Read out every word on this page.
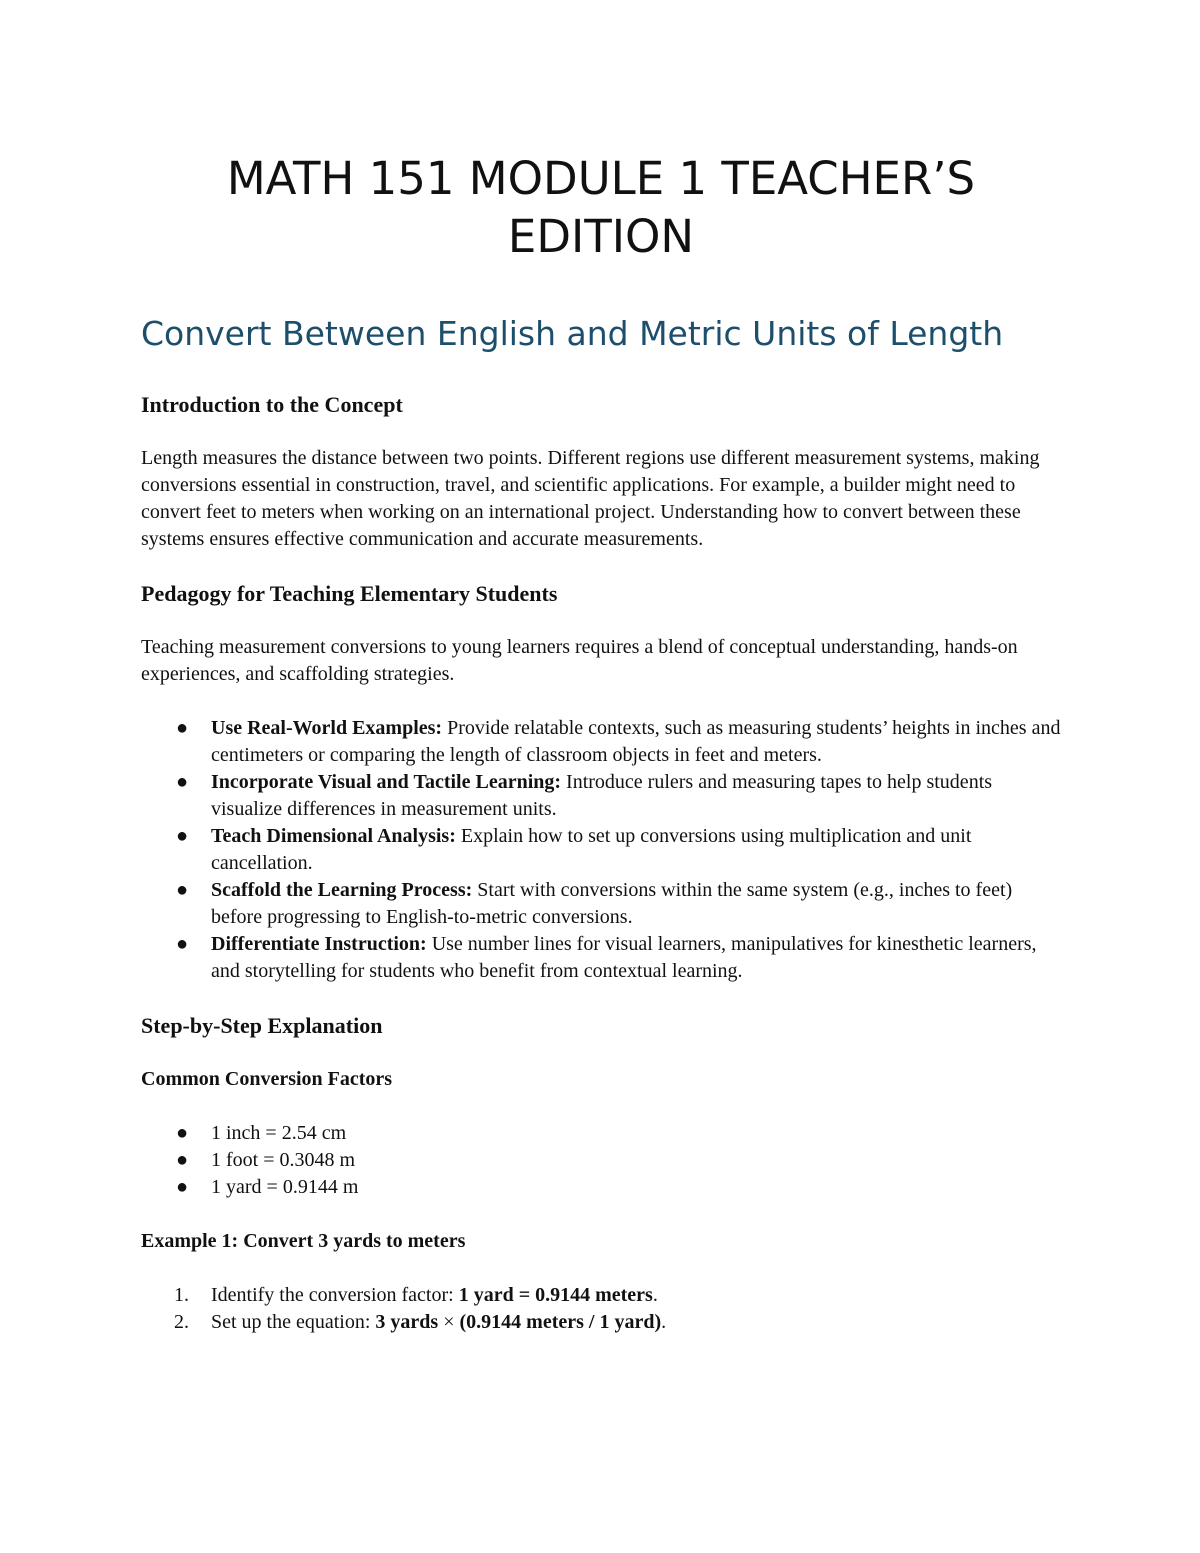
MATH 151 MODULE 1 TEACHER’S EDITION
Convert Between English and Metric Units of Length
Introduction to the Concept

Length measures the distance between two points. Different regions use different measurement systems, making conversions essential in construction, travel, and scientific applications. For example, a builder might need to convert feet to meters when working on an international project. Understanding how to convert between these systems ensures effective communication and accurate measurements.

Pedagogy for Teaching Elementary Students

Teaching measurement conversions to young learners requires a blend of conceptual understanding, hands-on experiences, and scaffolding strategies.

● Use Real-World Examples: Provide relatable contexts, such as measuring students’ heights in inches and centimeters or comparing the length of classroom objects in feet and meters.
● Incorporate Visual and Tactile Learning: Introduce rulers and measuring tapes to help students visualize differences in measurement units.
● Teach Dimensional Analysis: Explain how to set up conversions using multiplication and unit cancellation.
● Scaffold the Learning Process: Start with conversions within the same system (e.g., inches to feet) before progressing to English-to-metric conversions.
● Differentiate Instruction: Use number lines for visual learners, manipulatives for kinesthetic learners, and storytelling for students who benefit from contextual learning.
Step-by-Step Explanation
Common Conversion Factors
● 1 inch = 2.54 cm
● 1 foot = 0.3048 m
● 1 yard = 0.9144 m
Example 1: Convert 3 yards to meters
1. Identify the conversion factor: 1 yard = 0.9144 meters.
2. Set up the equation: 3 yards × (0.9144 meters / 1 yard).
